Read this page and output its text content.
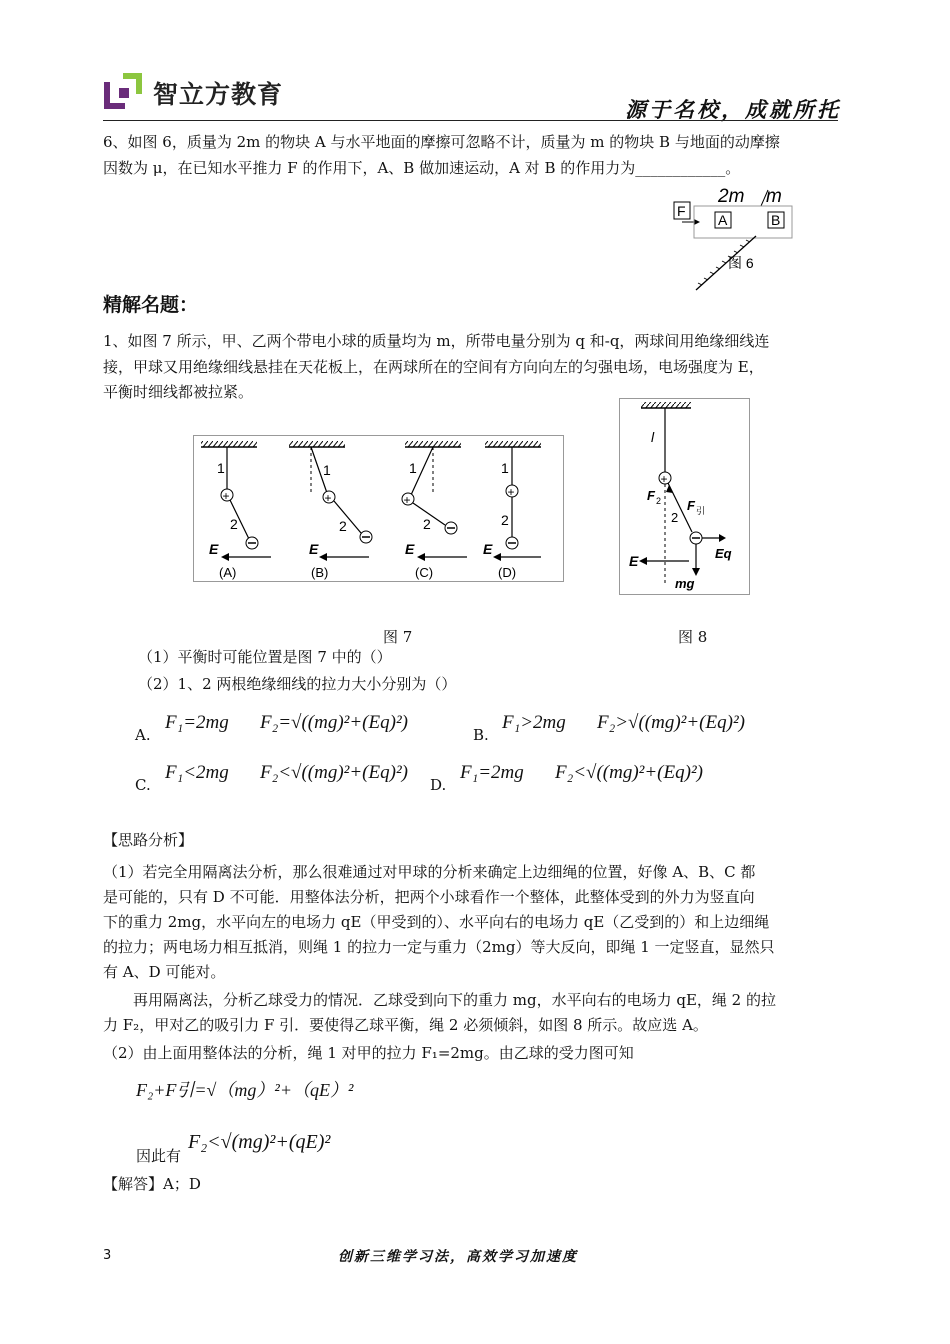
智立方教育
源于名校，成就所托
6、如图 6，质量为 2m 的物块 A 与水平地面的摩擦可忽略不计，质量为 m 的物块 B 与地面的动摩擦
因数为 μ，在已知水平推力 F 的作用下，A、B 做加速运动，A 对 B 的作用力为____________。
2m m
F
A	B
图 6
精解名题：
1、如图 7 所示，甲、乙两个带电小球的质量均为 m，所带电量分别为 q 和-q，两球间用绝缘细线连
接，甲球又用绝缘细线悬挂在天花板上，在两球所在的空间有方向向左的匀强电场，电场强度为 E，
平衡时细线都被拉紧。
1
+
2
E
(A)
1
+
2
E
(B)
1
+
2
E
(C)
1
+
2
E
(D)
l
+
F 2
2
F 引
Eq
mg
E
图 7	图 8
（1）平衡时可能位置是图 7 中的（）
（2）1、2 两根绝缘细线的拉力大小分别为（）
A.
F₁=2mg F₂=√((mg)²+(Eq)²)
B.
F₁>2mg F₂>√((mg)²+(Eq)²)
C.
F₁<2mg F₂<√((mg)²+(Eq)²)
D.
F₁=2mg F₂<√((mg)²+(Eq)²)
【思路分析】
（1）若完全用隔离法分析，那么很难通过对甲球的分析来确定上边细绳的位置，好像 A、B、C 都
是可能的，只有 D 不可能．用整体法分析，把两个小球看作一个整体，此整体受到的外力为竖直向
下的重力 2mg，水平向左的电场力 qE（甲受到的）、水平向右的电场力 qE（乙受到的）和上边细绳
的拉力；两电场力相互抵消，则绳 1 的拉力一定与重力（2mg）等大反向，即绳 1 一定竖直，显然只
有 A、D 可能对。
再用隔离法，分析乙球受力的情况．乙球受到向下的重力 mg，水平向右的电场力 qE，绳 2 的拉
力 F₂，甲对乙的吸引力 F 引．要使得乙球平衡，绳 2 必须倾斜，如图 8 所示。故应选 A。
（2）由上面用整体法的分析，绳 1 对甲的拉力 F₁=2mg。由乙球的受力图可知
F₂+F引=√（mg）²+（qE）²
因此有
F₂<√(mg)²+(qE)²
【解答】A；D
3	创新三维学习法，高效学习加速度
